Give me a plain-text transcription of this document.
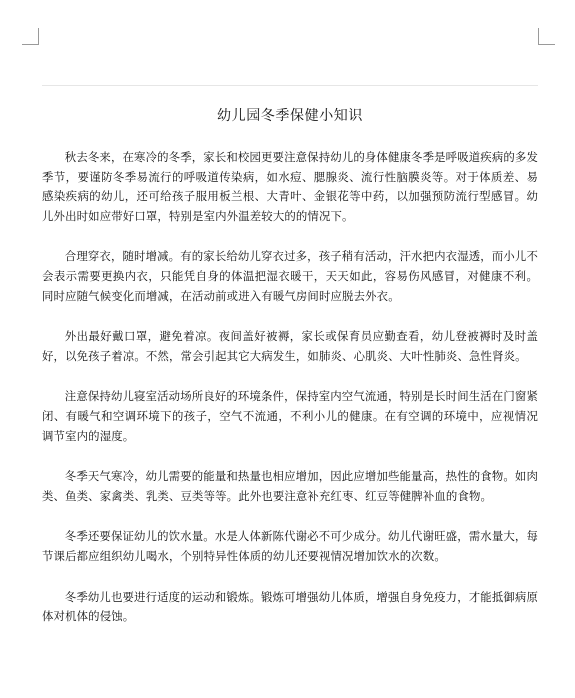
幼儿园冬季保健小知识

秋去冬来，在寒冷的冬季，家长和校园更要注意保持幼儿的身体健康冬季是呼吸道疾病的多发季节，要谨防冬季易流行的呼吸道传染病，如水痘、腮腺炎、流行性脑膜炎等。对于体质差、易感染疾病的幼儿，还可给孩子服用板兰根、大青叶、金银花等中药，以加强预防流行型感冒。幼儿外出时如应带好口罩，特别是室内外温差较大的的情况下。

合理穿衣，随时增减。有的家长给幼儿穿衣过多，孩子稍有活动，汗水把内衣湿透，而小儿不会表示需要更换内衣，只能凭自身的体温把湿衣暖干，天天如此，容易伤风感冒，对健康不利。同时应随气候变化而增减，在活动前或进入有暖气房间时应脱去外衣。

外出最好戴口罩，避免着凉。夜间盖好被褥，家长或保育员应勤查看，幼儿登被褥时及时盖好，以免孩子着凉。不然，常会引起其它大病发生，如肺炎、心肌炎、大叶性肺炎、急性肾炎。

注意保持幼儿寝室活动场所良好的环境条件，保持室内空气流通，特别是长时间生活在门窗紧闭、有暖气和空调环境下的孩子，空气不流通，不利小儿的健康。在有空调的环境中，应视情况调节室内的湿度。

冬季天气寒冷，幼儿需要的能量和热量也相应增加，因此应增加些能量高，热性的食物。如肉类、鱼类、家禽类、乳类、豆类等等。此外也要注意补充红枣、红豆等健脾补血的食物。

冬季还要保证幼儿的饮水量。水是人体新陈代谢必不可少成分。幼儿代谢旺盛，需水量大，每节课后都应组织幼儿喝水，个别特异性体质的幼儿还要视情况增加饮水的次数。

冬季幼儿也要进行适度的运动和锻炼。锻炼可增强幼儿体质，增强自身免疫力，才能抵御病原体对机体的侵蚀。
